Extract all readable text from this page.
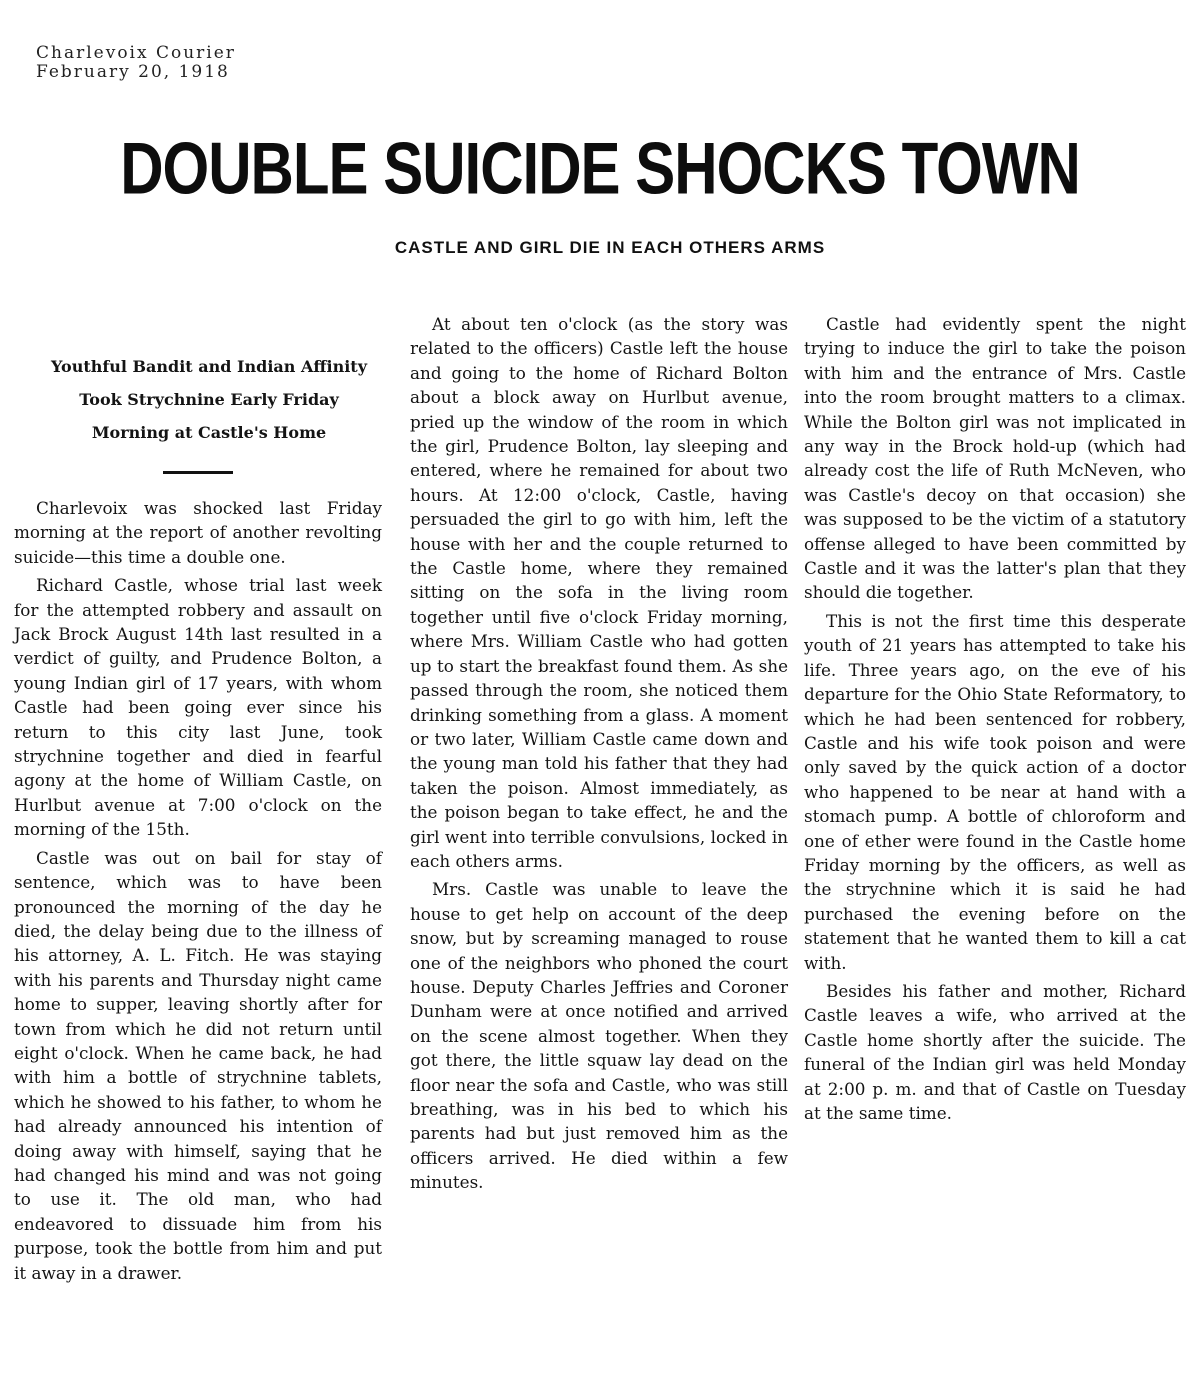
Charlevoix Courier
February 20, 1918
DOUBLE SUICIDE SHOCKS TOWN
CASTLE AND GIRL DIE IN EACH OTHERS ARMS

Youthful Bandit and Indian Affinity

Took Strychnine Early Friday

Morning at Castle's Home

Charlevoix was shocked last Friday morning at the report of another revolting suicide—this time a double one.

Richard Castle, whose trial last week for the attempted robbery and assault on Jack Brock August 14th last resulted in a verdict of guilty, and Prudence Bolton, a young Indian girl of 17 years, with whom Castle had been going ever since his return to this city last June, took strychnine together and died in fearful agony at the home of William Castle, on Hurlbut avenue at 7:00 o'clock on the morning of the 15th.

Castle was out on bail for stay of sentence, which was to have been pronounced the morning of the day he died, the delay being due to the illness of his attorney, A. L. Fitch. He was staying with his parents and Thursday night came home to supper, leaving shortly after for town from which he did not return until eight o'clock. When he came back, he had with him a bottle of strychnine tablets, which he showed to his father, to whom he had already announced his intention of doing away with himself, saying that he had changed his mind and was not going to use it. The old man, who had endeavored to dissuade him from his purpose, took the bottle from him and put it away in a drawer.

At about ten o'clock (as the story was related to the officers) Castle left the house and going to the home of Richard Bolton about a block away on Hurlbut avenue, pried up the window of the room in which the girl, Prudence Bolton, lay sleeping and entered, where he remained for about two hours. At 12:00 o'clock, Castle, having persuaded the girl to go with him, left the house with her and the couple returned to the Castle home, where they remained sitting on the sofa in the living room together until five o'clock Friday morning, where Mrs. William Castle who had gotten up to start the breakfast found them. As she passed through the room, she noticed them drinking something from a glass. A moment or two later, William Castle came down and the young man told his father that they had taken the poison. Almost immediately, as the poison began to take effect, he and the girl went into terrible convulsions, locked in each others arms.

Mrs. Castle was unable to leave the house to get help on account of the deep snow, but by screaming managed to rouse one of the neighbors who phoned the court house. Deputy Charles Jeffries and Coroner Dunham were at once notified and arrived on the scene almost together. When they got there, the little squaw lay dead on the floor near the sofa and Castle, who was still breathing, was in his bed to which his parents had but just removed him as the officers arrived. He died within a few minutes.

Castle had evidently spent the night trying to induce the girl to take the poison with him and the entrance of Mrs. Castle into the room brought matters to a climax. While the Bolton girl was not implicated in any way in the Brock hold-up (which had already cost the life of Ruth McNeven, who was Castle's decoy on that occasion) she was supposed to be the victim of a statutory offense alleged to have been committed by Castle and it was the latter's plan that they should die together.

This is not the first time this desperate youth of 21 years has attempted to take his life. Three years ago, on the eve of his departure for the Ohio State Reformatory, to which he had been sentenced for robbery, Castle and his wife took poison and were only saved by the quick action of a doctor who happened to be near at hand with a stomach pump. A bottle of chloroform and one of ether were found in the Castle home Friday morning by the officers, as well as the strychnine which it is said he had purchased the evening before on the statement that he wanted them to kill a cat with.

Besides his father and mother, Richard Castle leaves a wife, who arrived at the Castle home shortly after the suicide. The funeral of the Indian girl was held Monday at 2:00 p. m. and that of Castle on Tuesday at the same time.
